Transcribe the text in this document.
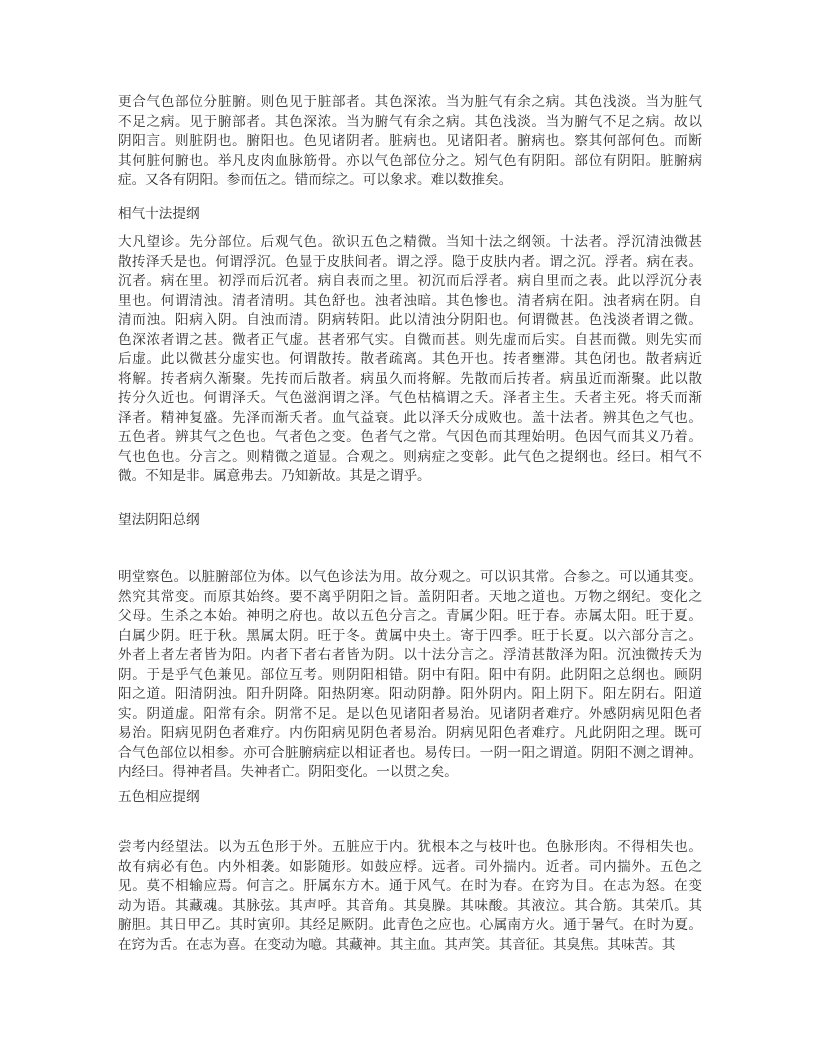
更合气色部位分脏腑。则色见于脏部者。其色深浓。当为脏气有余之病。其色浅淡。当为脏气
不足之病。见于腑部者。其色深浓。当为腑气有余之病。其色浅淡。当为腑气不足之病。故以
阴阳言。则脏阴也。腑阳也。色见诸阴者。脏病也。见诸阳者。腑病也。察其何部何色。而断
其何脏何腑也。举凡皮肉血脉筋骨。亦以气色部位分之。矧气色有阴阳。部位有阴阳。脏腑病
症。又各有阴阳。参而伍之。错而综之。可以象求。难以数推矣。
相气十法提纲
大凡望诊。先分部位。后观气色。欲识五色之精微。当知十法之纲领。十法者。浮沉清浊微甚
散抟泽夭是也。何谓浮沉。色显于皮肤间者。谓之浮。隐于皮肤内者。谓之沉。浮者。病在表。
沉者。病在里。初浮而后沉者。病自表而之里。初沉而后浮者。病自里而之表。此以浮沉分表
里也。何谓清浊。清者清明。其色舒也。浊者浊暗。其色惨也。清者病在阳。浊者病在阴。自
清而浊。阳病入阴。自浊而清。阴病转阳。此以清浊分阴阳也。何谓微甚。色浅淡者谓之微。
色深浓者谓之甚。微者正气虚。甚者邪气实。自微而甚。则先虚而后实。自甚而微。则先实而
后虚。此以微甚分虚实也。何谓散抟。散者疏离。其色开也。抟者壅滞。其色闭也。散者病近
将解。抟者病久渐聚。先抟而后散者。病虽久而将解。先散而后抟者。病虽近而渐聚。此以散
抟分久近也。何谓泽夭。气色滋润谓之泽。气色枯槁谓之夭。泽者主生。夭者主死。将夭而渐
泽者。精神复盛。先泽而渐夭者。血气益衰。此以泽夭分成败也。盖十法者。辨其色之气也。
五色者。辨其气之色也。气者色之变。色者气之常。气因色而其理始明。色因气而其义乃着。
气也色也。分言之。则精微之道显。合观之。则病症之变彰。此气色之提纲也。经曰。相气不
微。不知是非。属意弗去。乃知新故。其是之谓乎。
望法阴阳总纲
明堂察色。以脏腑部位为体。以气色诊法为用。故分观之。可以识其常。合参之。可以通其变。
然究其常变。而原其始终。要不离乎阴阳之旨。盖阴阳者。天地之道也。万物之纲纪。变化之
父母。生杀之本始。神明之府也。故以五色分言之。青属少阳。旺于春。赤属太阳。旺于夏。
白属少阴。旺于秋。黑属太阴。旺于冬。黄属中央土。寄于四季。旺于长夏。以六部分言之。
外者上者左者皆为阳。内者下者右者皆为阴。以十法分言之。浮清甚散泽为阳。沉浊微抟夭为
阴。于是乎气色兼见。部位互考。则阴阳相错。阴中有阳。阳中有阴。此阴阳之总纲也。顾阴
阳之道。阳清阴浊。阳升阴降。阳热阴寒。阳动阴静。阳外阴内。阳上阴下。阳左阴右。阳道
实。阴道虚。阳常有余。阴常不足。是以色见诸阳者易治。见诸阴者难疗。外感阴病见阳色者
易治。阳病见阴色者难疗。内伤阳病见阴色者易治。阴病见阳色者难疗。凡此阴阳之理。既可
合气色部位以相参。亦可合脏腑病症以相证者也。易传曰。一阴一阳之谓道。阴阳不测之谓神。
内经曰。得神者昌。失神者亡。阴阳变化。一以贯之矣。
五色相应提纲
尝考内经望法。以为五色形于外。五脏应于内。犹根本之与枝叶也。色脉形肉。不得相失也。
故有病必有色。内外相袭。如影随形。如鼓应桴。远者。司外揣内。近者。司内揣外。五色之
见。莫不相输应焉。何言之。肝属东方木。通于风气。在时为春。在窍为目。在志为怒。在变
动为语。其藏魂。其脉弦。其声呼。其音角。其臭臊。其味酸。其液泣。其合筋。其荣爪。其
腑胆。其日甲乙。其时寅卯。其经足厥阴。此青色之应也。心属南方火。通于暑气。在时为夏。
在窍为舌。在志为喜。在变动为噫。其藏神。其主血。其声笑。其音征。其臭焦。其味苦。其
